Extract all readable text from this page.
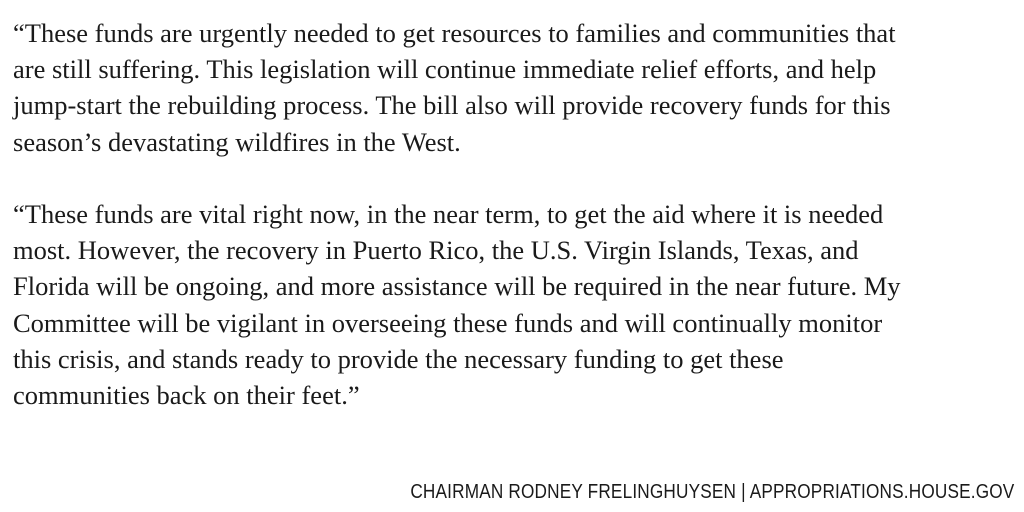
“These funds are urgently needed to get resources to families and communities that
are still suffering. This legislation will continue immediate relief efforts, and help
jump-start the rebuilding process. The bill also will provide recovery funds for this
season’s devastating wildfires in the West.

“These funds are vital right now, in the near term, to get the aid where it is needed
most. However, the recovery in Puerto Rico, the U.S. Virgin Islands, Texas, and
Florida will be ongoing, and more assistance will be required in the near future. My
Committee will be vigilant in overseeing these funds and will continually monitor
this crisis, and stands ready to provide the necessary funding to get these
communities back on their feet.”

CHAIRMAN RODNEY FRELINGHUYSEN | APPROPRIATIONS.HOUSE.GOV
